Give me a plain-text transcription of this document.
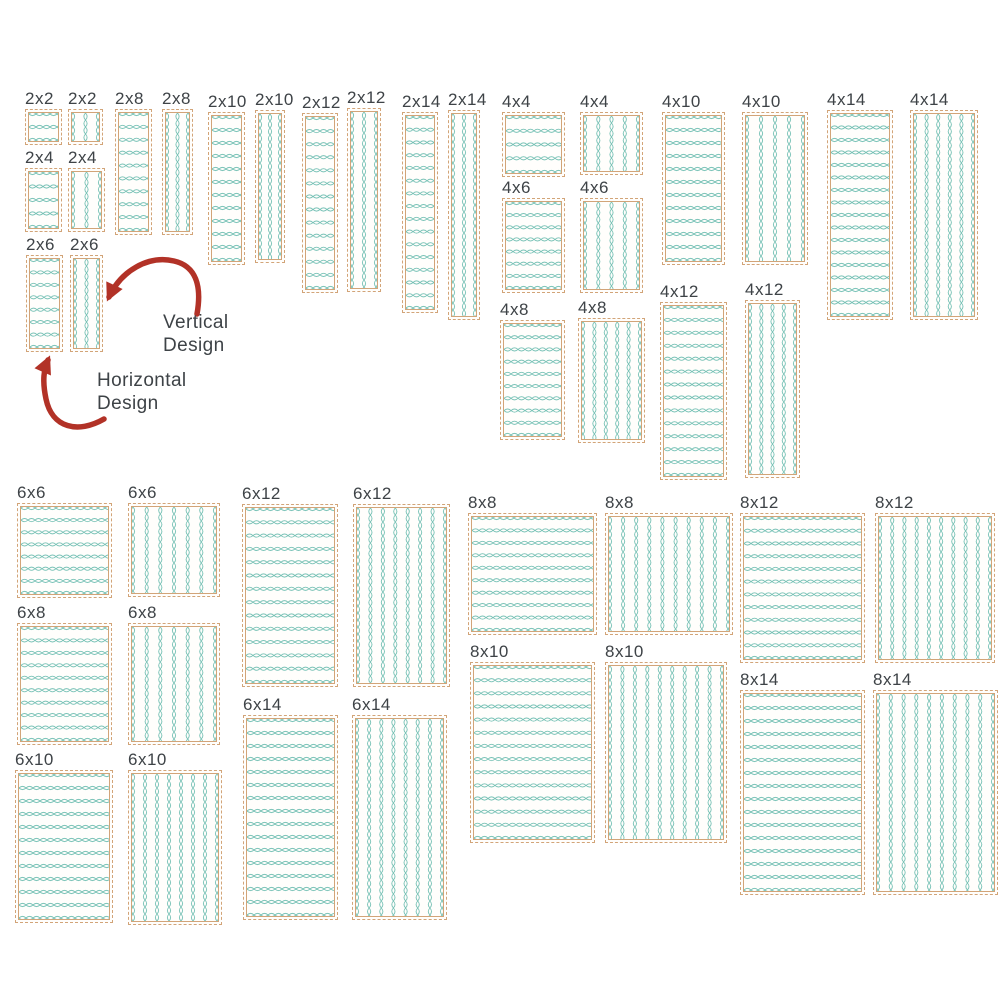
2x2 2x2
2x4 2x4
2x6 2x6
2x8 2x8 2x10 2x10 2x12 2x12 2x14 2x14 4x4	4x4
4x6	4x6
4x8	4x8
4x10 4x10
4x12	4x12
4x14	4x14
6x6	6x6
6x8	6x8
6x10	6x10
6x12	6x12
6x14	6x14
8x8	8x8
8x10	8x10
8x12	8x12
8x14	8x14
Vertical
Design
Horizontal
Design
